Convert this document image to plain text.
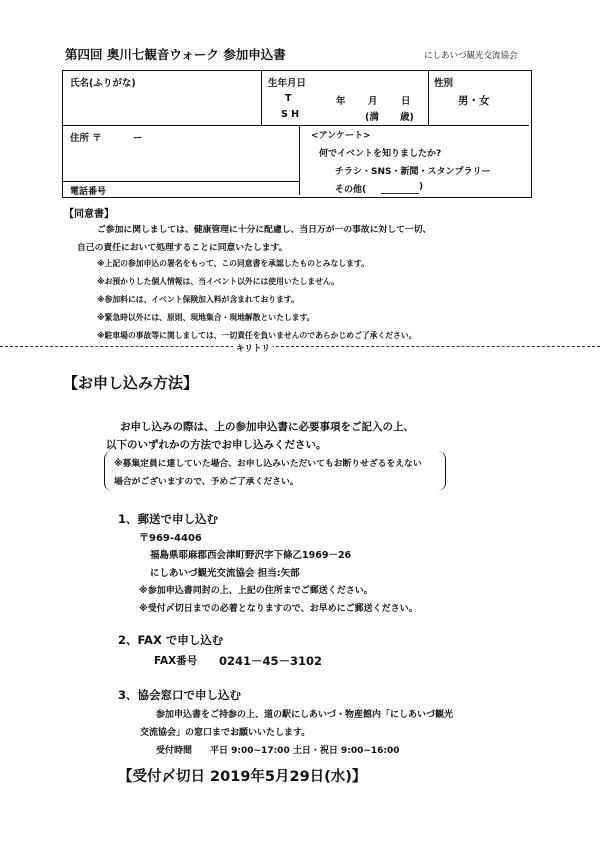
第四回 奥川七観音ウォーク 参加申込書	にしあいづ観光交流協会
氏名(ふりがな)	生年月日
T	年 月 日
S H	(満 歳)
性別
男・女
住所 〒	ー	<アンケート>
何でイベントを知りましたか?
チラシ・SNS・新聞・スタンプラリー
その他(	)
電話番号
【同意書】
ご参加に関しましては、健康管理に十分に配慮し、当日万が一の事故に対して一切、
自己の責任において処理することに同意いたします。
※上記の参加申込の署名をもって、この同意書を承認したものとみなします。
※お預かりした個人情報は、当イベント以外には使用いたしません。
※参加料には、イベント保険加入料が含まれております。
※緊急時以外には、原則、現地集合・現地解散といたします。
※駐車場の事故等に関しましては、一切責任を負いませんのであらかじめご了承ください。
キリトリ
【お申し込み方法】
お申し込みの際は、上の参加申込書に必要事項をご記入の上、
以下のいずれかの方法でお申し込みください。
※募集定員に達していた場合、お申し込みいただいてもお断りせざるをえない
場合がございますので、予めご了承ください。
1、郵送で申し込む
〒969-4406
福島県耶麻郡西会津町野沢字下條乙1969－26
にしあいづ観光交流協会 担当:矢部
※参加申込書同封の上、上記の住所までご郵送ください。
※受付〆切日までの必着となりますので、お早めにご郵送ください。
2、FAX で申し込む
FAX番号 0241－45－3102
3、協会窓口で申し込む
参加申込書をご持参の上、道の駅にしあいづ・物産館内「にしあいづ観光
交流協会」の窓口までお願いいたします。
受付時間 平日 9:00~17:00 土日・祝日 9:00~16:00
【受付〆切日 2019年5月29日(水)】
